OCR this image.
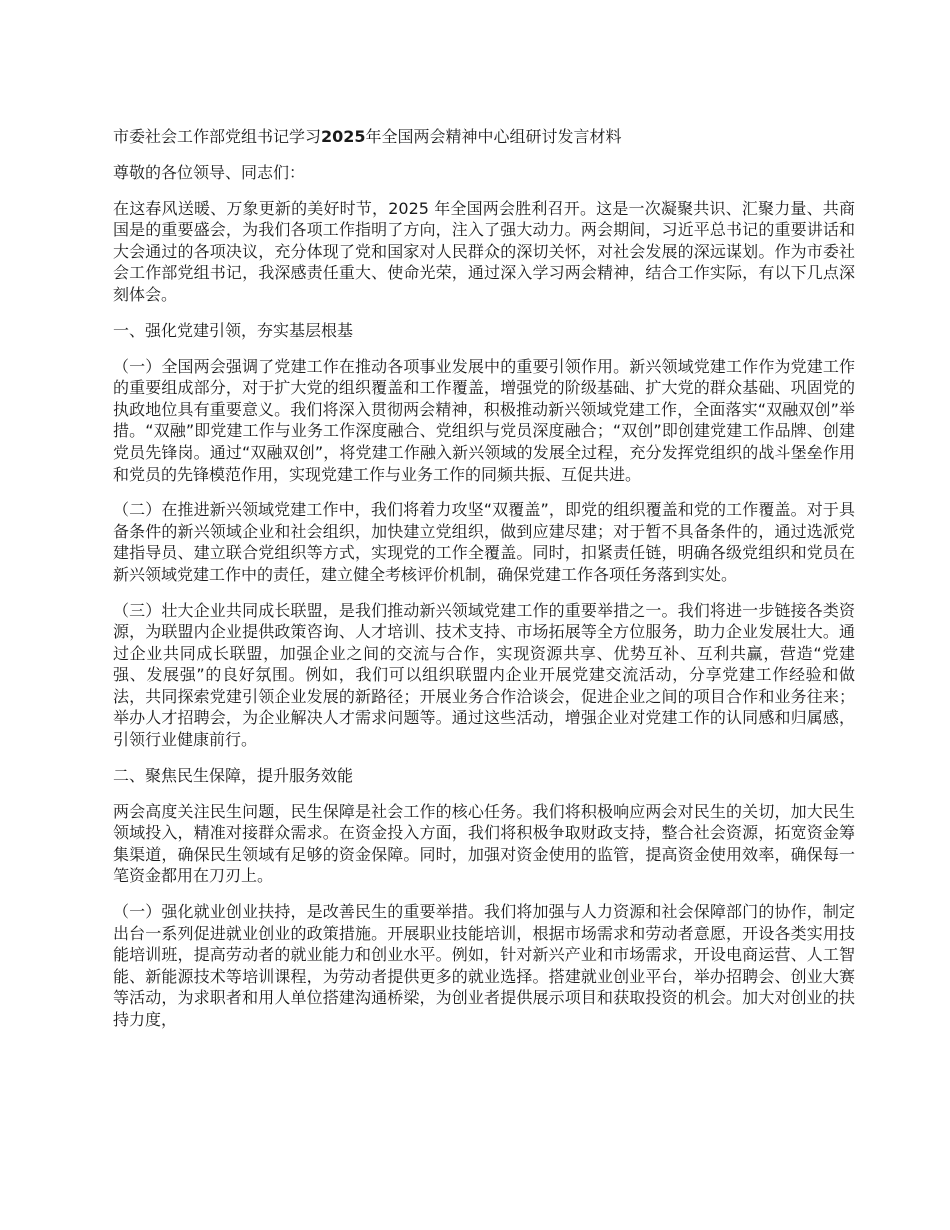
市委社会工作部党组书记学习2025年全国两会精神中心组研讨发言材料

尊敬的各位领导、同志们：

在这春风送暖、万象更新的美好时节，2025 年全国两会胜利召开。这是一次凝聚共识、汇聚力量、共商国是的重要盛会，为我们各项工作指明了方向，注入了强大动力。两会期间，习近平总书记的重要讲话和大会通过的各项决议，充分体现了党和国家对人民群众的深切关怀，对社会发展的深远谋划。作为市委社会工作部党组书记，我深感责任重大、使命光荣，通过深入学习两会精神，结合工作实际，有以下几点深刻体会。

一、强化党建引领，夯实基层根基

（一）全国两会强调了党建工作在推动各项事业发展中的重要引领作用。新兴领域党建工作作为党建工作的重要组成部分，对于扩大党的组织覆盖和工作覆盖，增强党的阶级基础、扩大党的群众基础、巩固党的执政地位具有重要意义。我们将深入贯彻两会精神，积极推动新兴领域党建工作，全面落实“双融双创”举措。“双融”即党建工作与业务工作深度融合、党组织与党员深度融合；“双创”即创建党建工作品牌、创建党员先锋岗。通过“双融双创”，将党建工作融入新兴领域的发展全过程，充分发挥党组织的战斗堡垒作用和党员的先锋模范作用，实现党建工作与业务工作的同频共振、互促共进。

（二）在推进新兴领域党建工作中，我们将着力攻坚“双覆盖”，即党的组织覆盖和党的工作覆盖。对于具备条件的新兴领域企业和社会组织，加快建立党组织，做到应建尽建；对于暂不具备条件的，通过选派党建指导员、建立联合党组织等方式，实现党的工作全覆盖。同时，扣紧责任链，明确各级党组织和党员在新兴领域党建工作中的责任，建立健全考核评价机制，确保党建工作各项任务落到实处。

（三）壮大企业共同成长联盟，是我们推动新兴领域党建工作的重要举措之一。我们将进一步链接各类资源，为联盟内企业提供政策咨询、人才培训、技术支持、市场拓展等全方位服务，助力企业发展壮大。通过企业共同成长联盟，加强企业之间的交流与合作，实现资源共享、优势互补、互利共赢，营造“党建强、发展强”的良好氛围。例如，我们可以组织联盟内企业开展党建交流活动，分享党建工作经验和做法，共同探索党建引领企业发展的新路径；开展业务合作洽谈会，促进企业之间的项目合作和业务往来；举办人才招聘会，为企业解决人才需求问题等。通过这些活动，增强企业对党建工作的认同感和归属感，引领行业健康前行。

二、聚焦民生保障，提升服务效能

两会高度关注民生问题，民生保障是社会工作的核心任务。我们将积极响应两会对民生的关切，加大民生领域投入，精准对接群众需求。在资金投入方面，我们将积极争取财政支持，整合社会资源，拓宽资金筹集渠道，确保民生领域有足够的资金保障。同时，加强对资金使用的监管，提高资金使用效率，确保每一笔资金都用在刀刃上。

（一）强化就业创业扶持，是改善民生的重要举措。我们将加强与人力资源和社会保障部门的协作，制定出台一系列促进就业创业的政策措施。开展职业技能培训，根据市场需求和劳动者意愿，开设各类实用技能培训班，提高劳动者的就业能力和创业水平。例如，针对新兴产业和市场需求，开设电商运营、人工智能、新能源技术等培训课程，为劳动者提供更多的就业选择。搭建就业创业平台，举办招聘会、创业大赛等活动，为求职者和用人单位搭建沟通桥梁，为创业者提供展示项目和获取投资的机会。加大对创业的扶持力度，
